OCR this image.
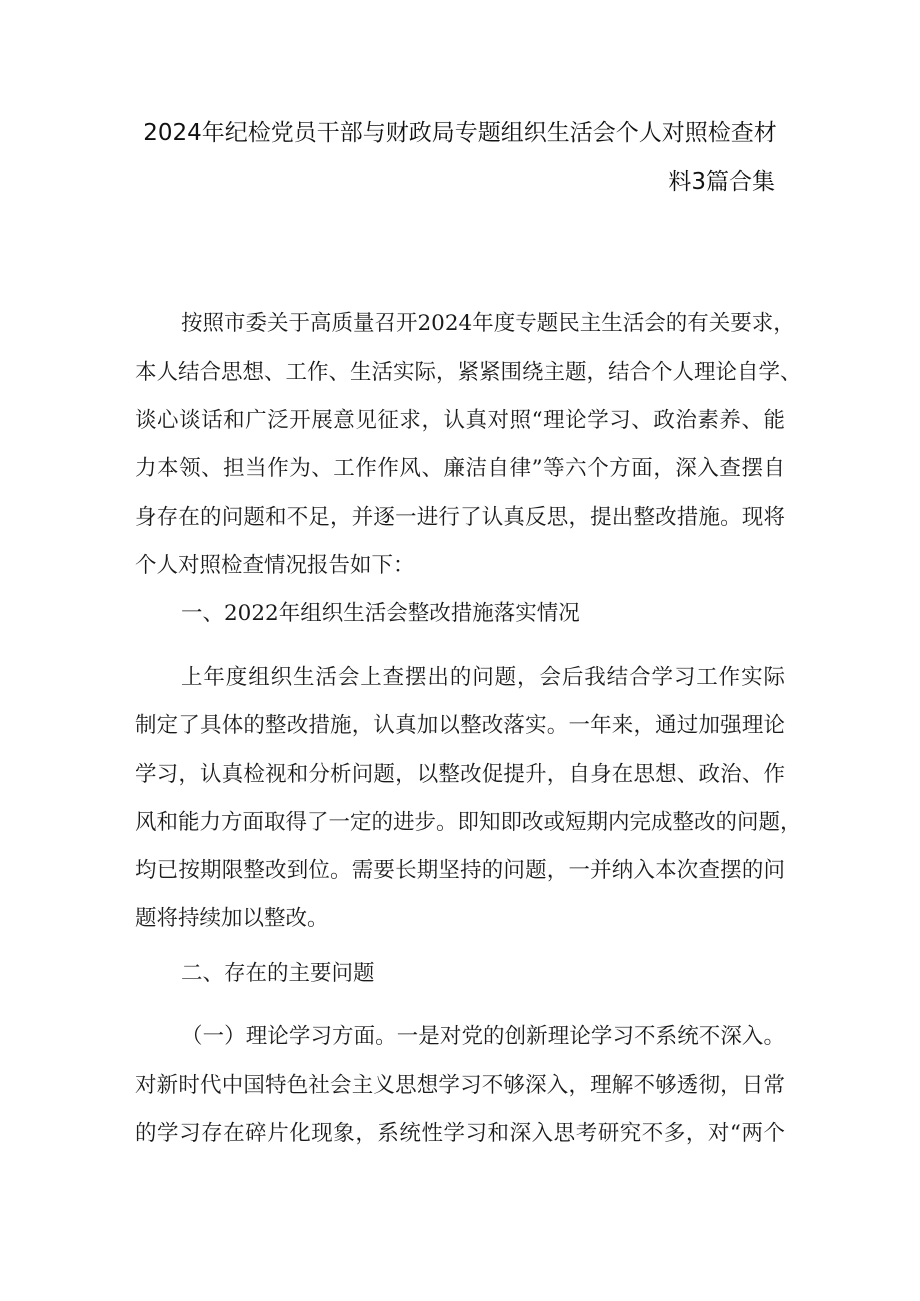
2024年纪检党员干部与财政局专题组织生活会个人对照检查材
料3篇合集
按照市委关于高质量召开2024年度专题民主生活会的有关要求，
本人结合思想、工作、生活实际，紧紧围绕主题，结合个人理论自学、
谈心谈话和广泛开展意见征求，认真对照“理论学习、政治素养、能
力本领、担当作为、工作作风、廉洁自律”等六个方面，深入查摆自
身存在的问题和不足，并逐一进行了认真反思，提出整改措施。现将
个人对照检查情况报告如下：
一、2022年组织生活会整改措施落实情况
上年度组织生活会上查摆出的问题，会后我结合学习工作实际
制定了具体的整改措施，认真加以整改落实。一年来，通过加强理论
学习，认真检视和分析问题，以整改促提升，自身在思想、政治、作
风和能力方面取得了一定的进步。即知即改或短期内完成整改的问题，
均已按期限整改到位。需要长期坚持的问题，一并纳入本次查摆的问
题将持续加以整改。
二、存在的主要问题
（一）理论学习方面。一是对党的创新理论学习不系统不深入。
对新时代中国特色社会主义思想学习不够深入，理解不够透彻，日常
的学习存在碎片化现象，系统性学习和深入思考研究不多，对“两个
